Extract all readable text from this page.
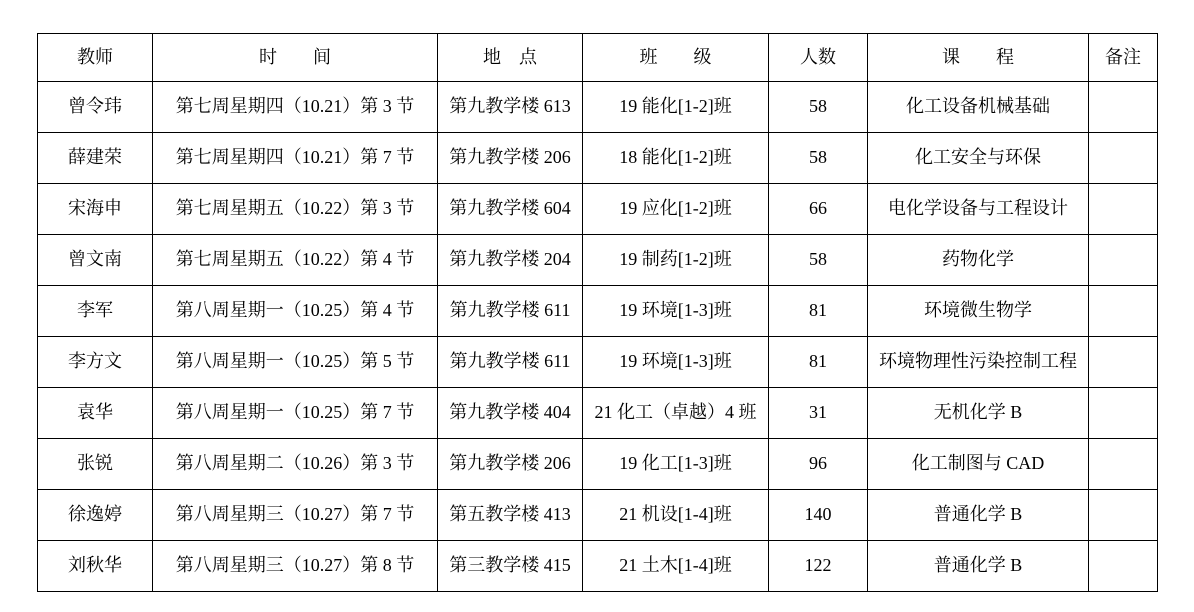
教师	时　　间	地　点	班　　级	人数	课　　程	备注
曾令玮	第七周星期四（10.21）第 3 节	第九教学楼 613	19 能化[1-2]班	58	化工设备机械基础	
薛建荣	第七周星期四（10.21）第 7 节	第九教学楼 206	18 能化[1-2]班	58	化工安全与环保	
宋海申	第七周星期五（10.22）第 3 节	第九教学楼 604	19 应化[1-2]班	66	电化学设备与工程设计	
曾文南	第七周星期五（10.22）第 4 节	第九教学楼 204	19 制药[1-2]班	58	药物化学	
李军	第八周星期一（10.25）第 4 节	第九教学楼 611	19 环境[1-3]班	81	环境微生物学	
李方文	第八周星期一（10.25）第 5 节	第九教学楼 611	19 环境[1-3]班	81	环境物理性污染控制工程	
袁华	第八周星期一（10.25）第 7 节	第九教学楼 404	21 化工（卓越）4 班	31	无机化学 B	
张锐	第八周星期二（10.26）第 3 节	第九教学楼 206	19 化工[1-3]班	96	化工制图与 CAD	
徐逸婷	第八周星期三（10.27）第 7 节	第五教学楼 413	21 机设[1-4]班	140	普通化学 B	
刘秋华	第八周星期三（10.27）第 8 节	第三教学楼 415	21 土木[1-4]班	122	普通化学 B	
